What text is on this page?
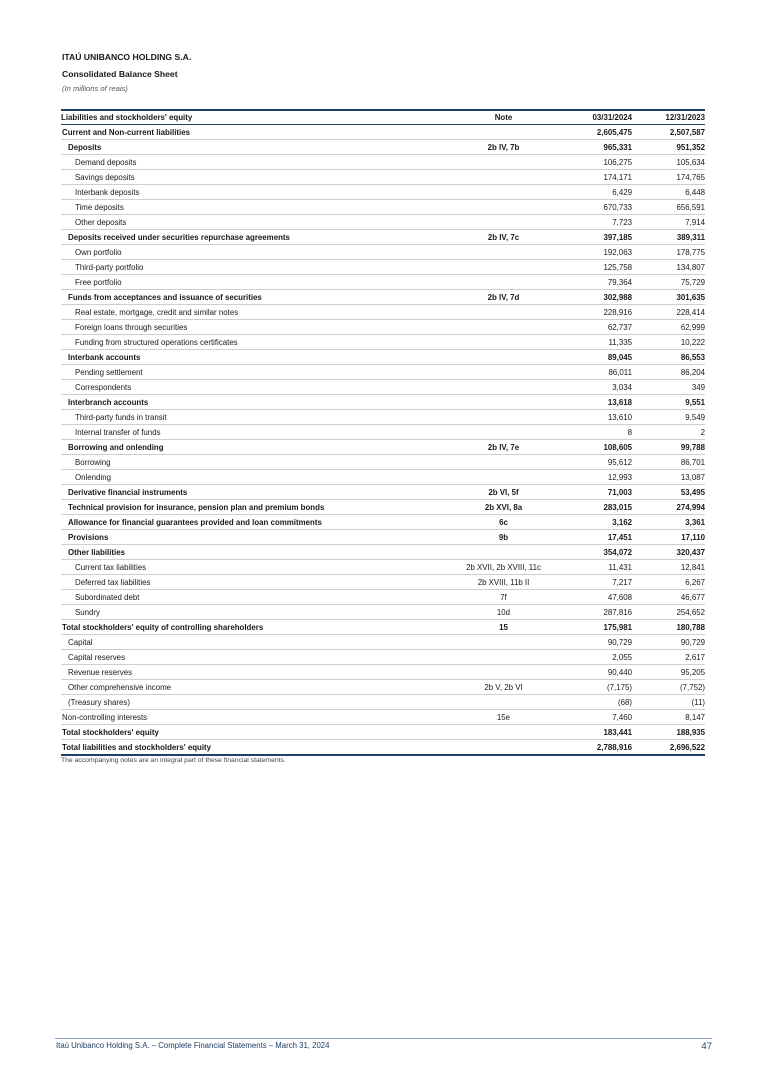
ITAÚ UNIBANCO HOLDING S.A.

Consolidated Balance Sheet

(In millions of reais)

Liabilities and stockholders' equity	Note	03/31/2024	12/31/2023
Current and Non-current liabilities		2,605,475	2,507,587
Deposits	2b IV, 7b	965,331	951,352
Demand deposits		106,275	105,634
Savings deposits		174,171	174,765
Interbank deposits		6,429	6,448
Time deposits		670,733	656,591
Other deposits		7,723	7,914
Deposits received under securities repurchase agreements	2b IV, 7c	397,185	389,311
Own portfolio		192,063	178,775
Third-party portfolio		125,758	134,807
Free portfolio		79,364	75,729
Funds from acceptances and issuance of securities	2b IV, 7d	302,988	301,635
Real estate, mortgage, credit and similar notes		228,916	228,414
Foreign loans through securities		62,737	62,999
Funding from structured operations certificates		11,335	10,222
Interbank accounts		89,045	86,553
Pending settlement		86,011	86,204
Correspondents		3,034	349
Interbranch accounts		13,618	9,551
Third-party funds in transit		13,610	9,549
Internal transfer of funds		8	2
Borrowing and onlending	2b IV, 7e	108,605	99,788
Borrowing		95,612	86,701
Onlending		12,993	13,087
Derivative financial instruments	2b VI, 5f	71,003	53,495
Technical provision for insurance, pension plan and premium bonds	2b XVI, 8a	283,015	274,994
Allowance for financial guarantees provided and loan commitments	6c	3,162	3,361
Provisions	9b	17,451	17,110
Other liabilities		354,072	320,437
Current tax liabilities	2b XVII, 2b XVIII, 11c	11,431	12,841
Deferred tax liabilities	2b XVIII, 11b II	7,217	6,267
Subordinated debt	7f	47,608	46,677
Sundry	10d	287,816	254,652
Total stockholders' equity of controlling shareholders	15	175,981	180,788
Capital		90,729	90,729
Capital reserves		2,055	2,617
Revenue reserves		90,440	95,205
Other comprehensive income	2b V, 2b VI	(7,175)	(7,752)
(Treasury shares)		(68)	(11)
Non-controlling interests	15e	7,460	8,147
Total stockholders' equity		183,441	188,935
Total liabilities and stockholders' equity		2,788,916	2,696,522

The accompanying notes are an integral part of these financial statements.

Itaú Unibanco Holding S.A. – Complete Financial Statements – March 31, 2024	47
